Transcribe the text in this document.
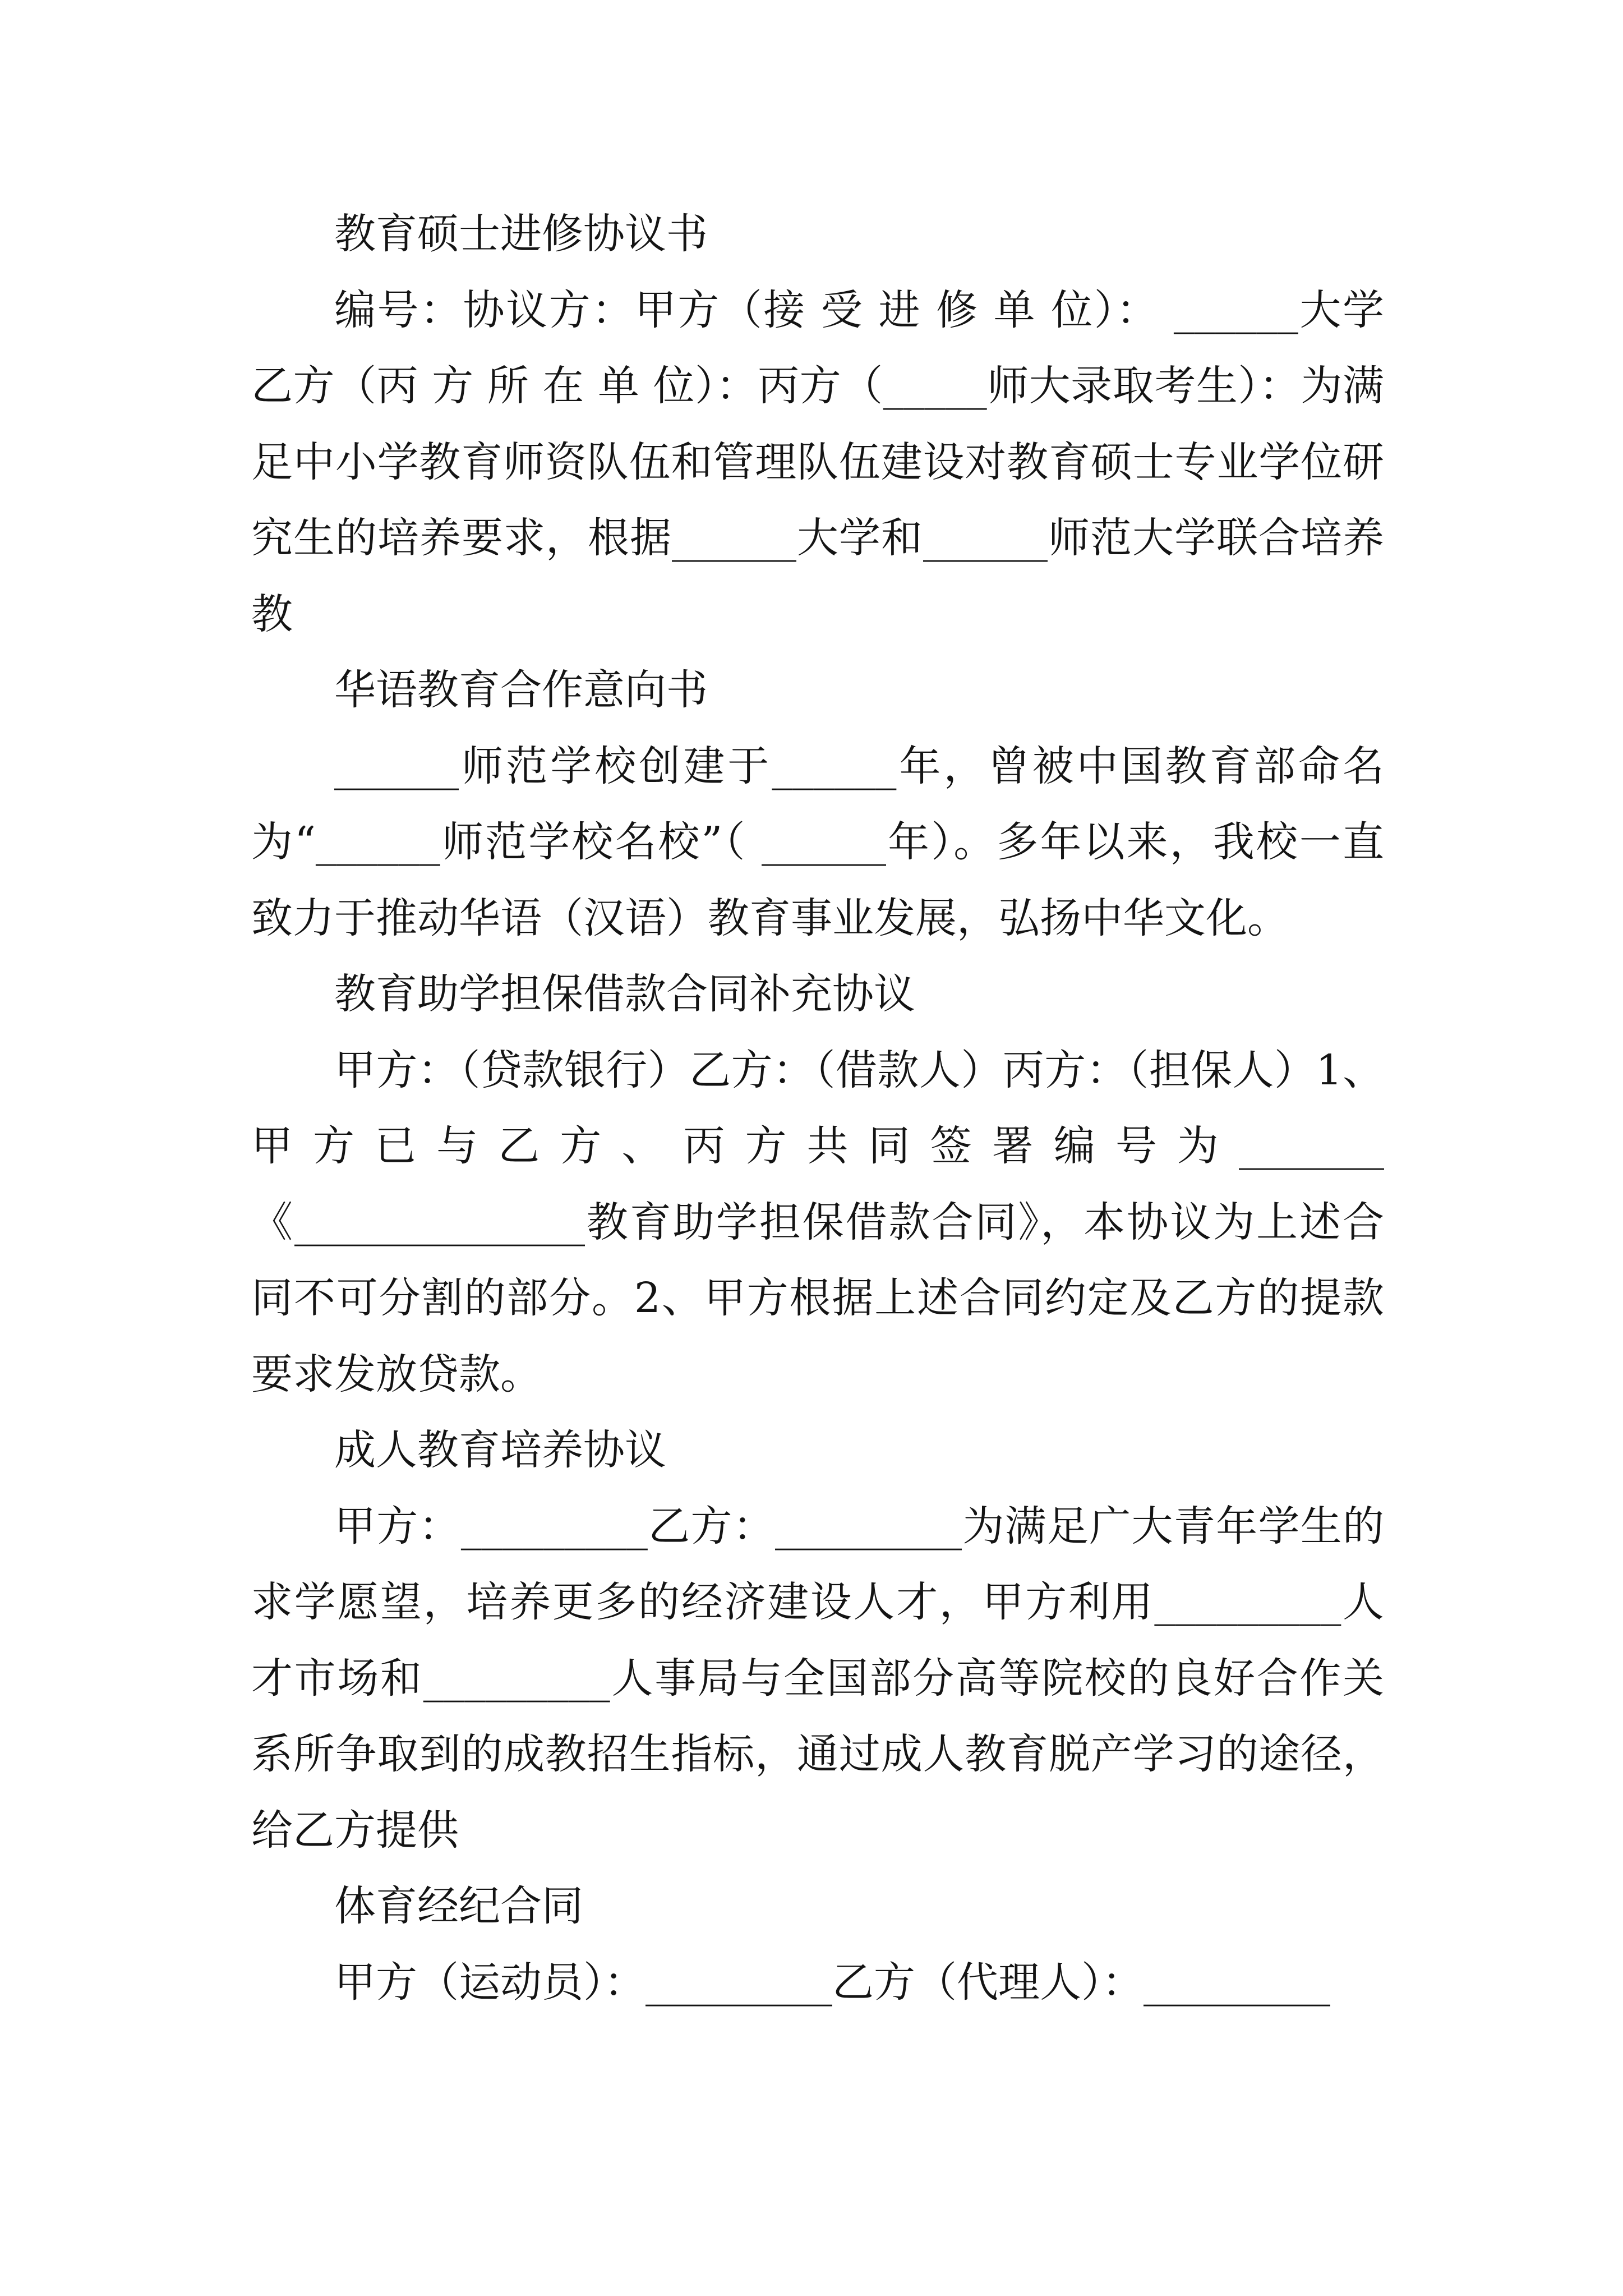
教育硕士进修协议书

编号：协议方：甲方（接 受 进 修 单 位）： ______大学乙方（丙 方 所 在 单 位）：丙方（_____师大录取考生）：为满足中小学教育师资队伍和管理队伍建设对教育硕士专业学位研究生的培养要求，根据______大学和______师范大学联合培养教

华语教育合作意向书

______师范学校创建于______年，曾被中国教育部命名为“______师范学校名校”（ ______年）。多年以来，我校一直致力于推动华语（汉语）教育事业发展，弘扬中华文化。

教育助学担保借款合同补充协议

甲方：（贷款银行）乙方：（借款人）丙方：（担保人）1、甲方已与乙方、丙方共同签署编号为_______《______________教育助学担保借款合同》，本协议为上述合同不可分割的部分。2、甲方根据上述合同约定及乙方的提款要求发放贷款。

成人教育培养协议

甲方：_________乙方：_________为满足广大青年学生的求学愿望，培养更多的经济建设人才，甲方利用_________人才市场和_________人事局与全国部分高等院校的良好合作关系所争取到的成教招生指标，通过成人教育脱产学习的途径，给乙方提供

体育经纪合同

甲方（运动员）：_________乙方（代理人）：_________
